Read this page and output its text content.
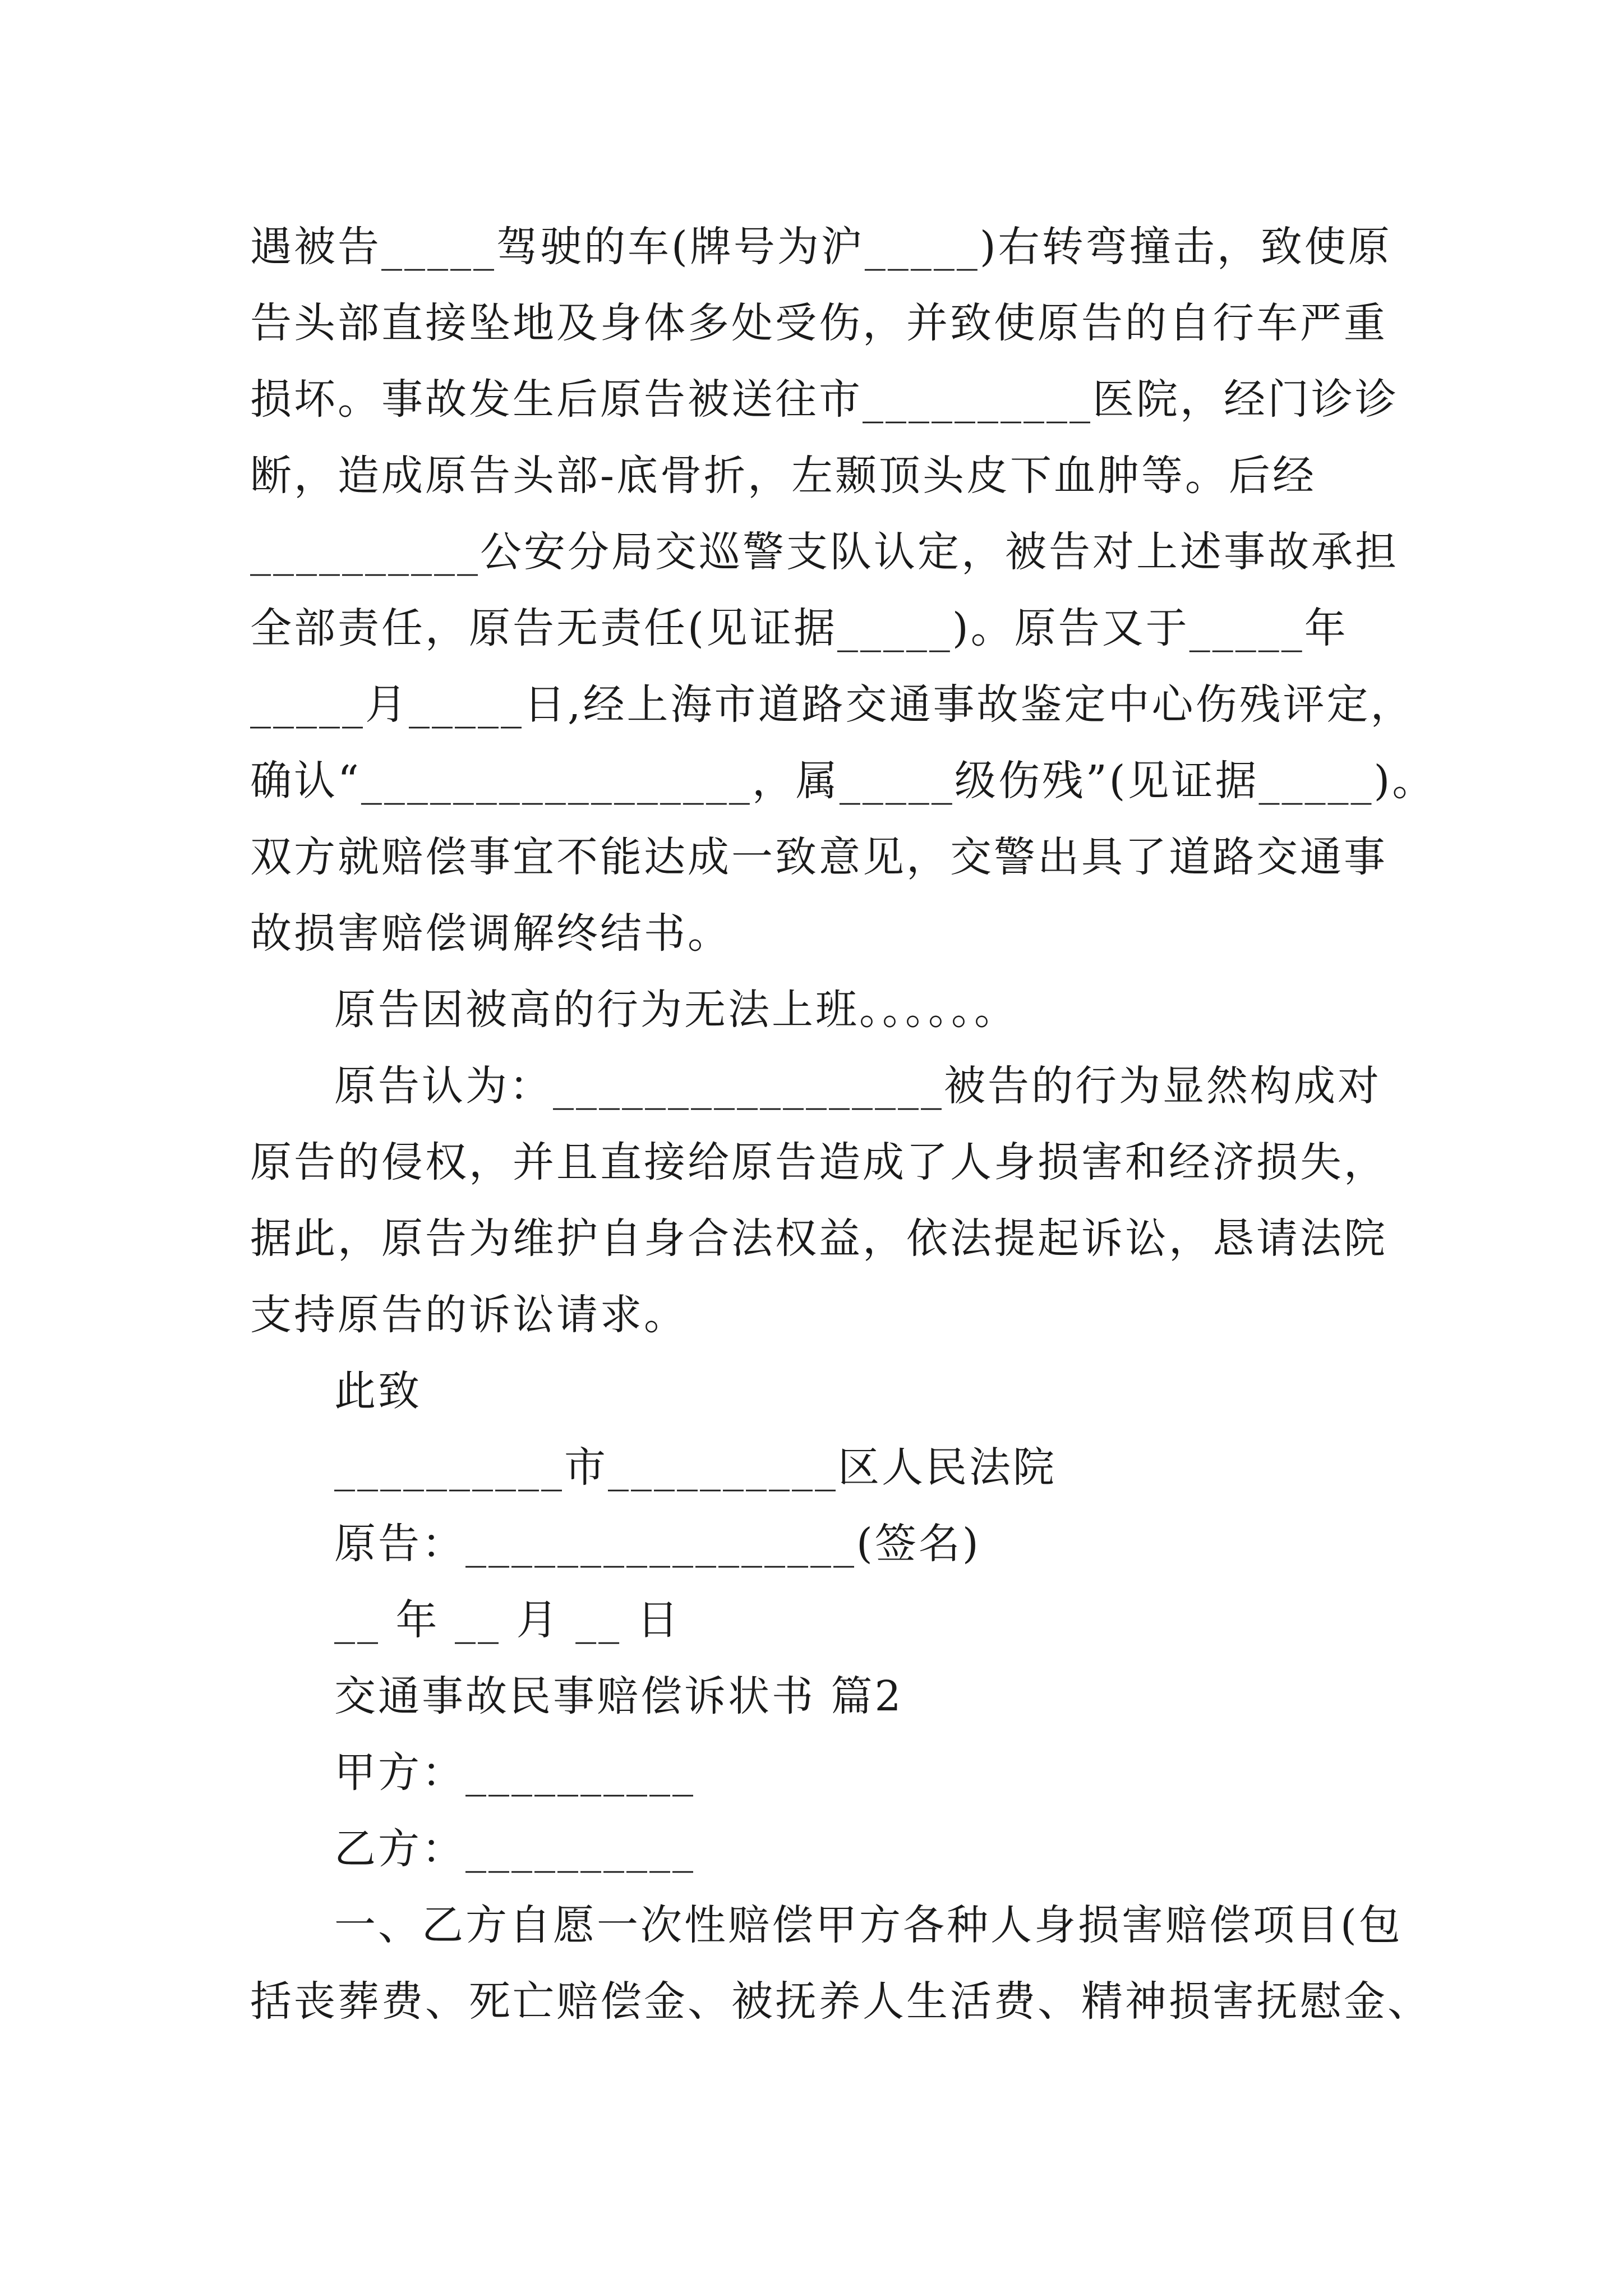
遇被告_____驾驶的车(牌号为沪_____)右转弯撞击，致使原
告头部直接坠地及身体多处受伤，并致使原告的自行车严重
损坏。事故发生后原告被送往市__________医院，经门诊诊
断，造成原告头部-底骨折，左颞顶头皮下血肿等。后经
__________公安分局交巡警支队认定，被告对上述事故承担
全部责任，原告无责任(见证据_____)。原告又于_____年
_____月_____日,经上海市道路交通事故鉴定中心伤残评定，
确认“_________________，属_____级伤残”(见证据_____)。
双方就赔偿事宜不能达成一致意见，交警出具了道路交通事
故损害赔偿调解终结书。
原告因被高的行为无法上班。。。。。。
原告认为：_________________被告的行为显然构成对
原告的侵权，并且直接给原告造成了人身损害和经济损失，
据此，原告为维护自身合法权益，依法提起诉讼，恳请法院
支持原告的诉讼请求。
此致
__________市__________区人民法院
原告：_________________(签名)
__ 年 __ 月 __ 日
交通事故民事赔偿诉状书 篇2
甲方：__________
乙方：__________
一、乙方自愿一次性赔偿甲方各种人身损害赔偿项目(包
括丧葬费、死亡赔偿金、被抚养人生活费、精神损害抚慰金、
